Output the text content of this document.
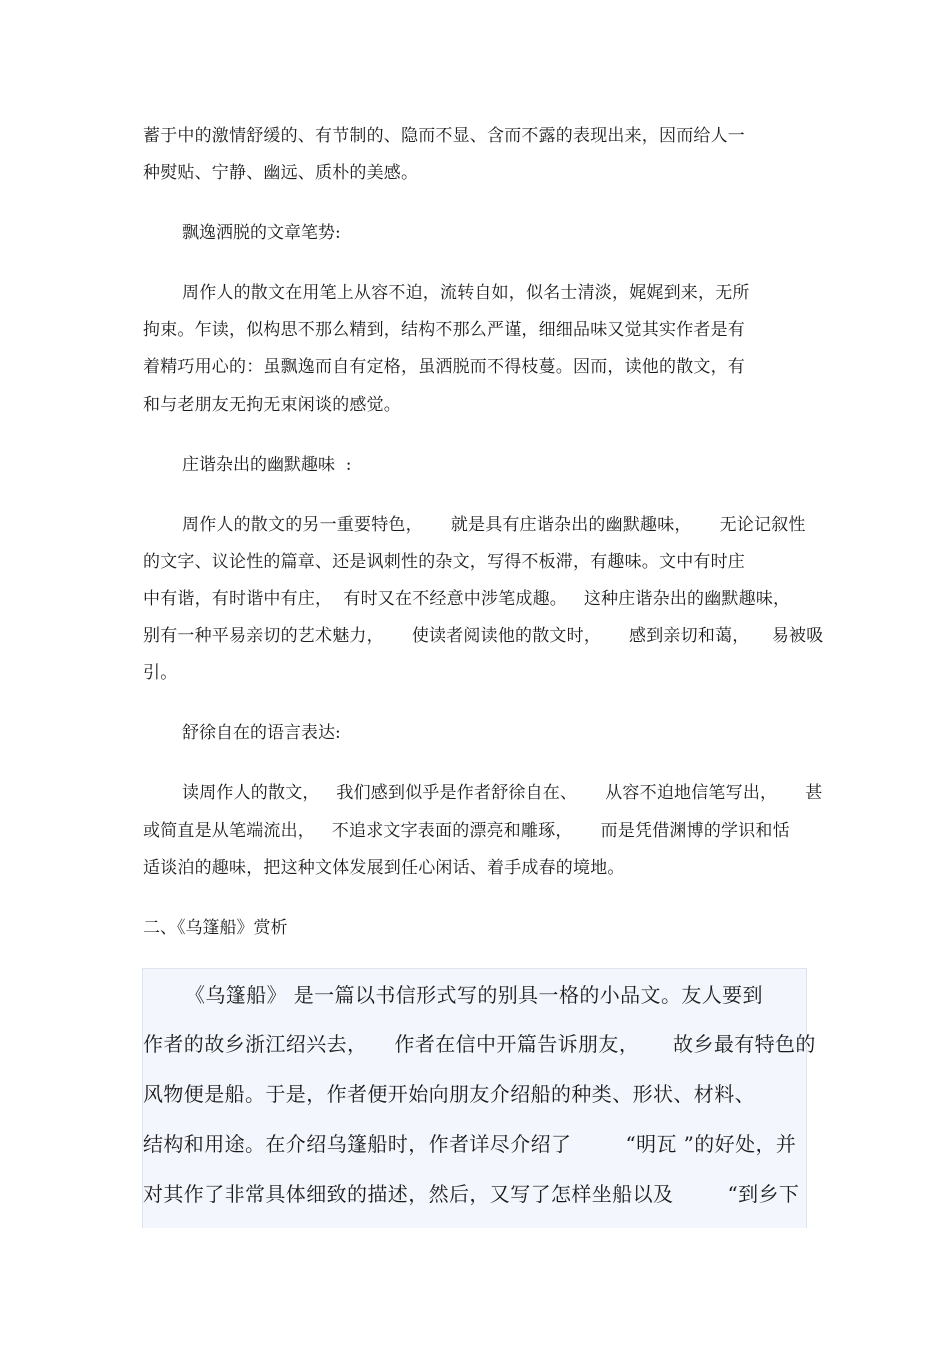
蓄于中的激情舒缓的、有节制的、隐而不显、含而不露的表现出来，因而给人一
种熨贴、宁静、幽远、质朴的美感。
飘逸洒脱的文章笔势:
周作人的散文在用笔上从容不迫，流转自如，似名士清淡，娓娓到来，无所
拘束。乍读，似构思不那么精到，结构不那么严谨，细细品味又觉其实作者是有
着精巧用心的：虽飘逸而自有定格，虽洒脱而不得枝蔓。因而，读他的散文，有
和与老朋友无拘无束闲谈的感觉。
庄谐杂出的幽默趣味  :
周作人的散文的另一重要特色，     就是具有庄谐杂出的幽默趣味，     无论记叙性
的文字、议论性的篇章、还是讽刺性的杂文，写得不板滞，有趣味。文中有时庄
中有谐，有时谐中有庄，  有时又在不经意中涉笔成趣。   这种庄谐杂出的幽默趣味，
别有一种平易亲切的艺术魅力，     使读者阅读他的散文时，     感到亲切和蔼，    易被吸
引。
舒徐自在的语言表达:
读周作人的散文，   我们感到似乎是作者舒徐自在、     从容不迫地信笔写出，     甚
或简直是从笔端流出，   不追求文字表面的漂亮和雕琢，     而是凭借渊博的学识和恬
适谈泊的趣味，把这种文体发展到任心闲话、着手成春的境地。
二、《乌篷船》赏析
《乌篷船》 是一篇以书信形式写的别具一格的小品文。友人要到
作者的故乡浙江绍兴去，    作者在信中开篇告诉朋友，     故乡最有特色的
风物便是船。于是，作者便开始向朋友介绍船的种类、形状、材料、
结构和用途。在介绍乌篷船时，作者详尽介绍了        “明瓦 ”的好处，并
对其作了非常具体细致的描述，然后，又写了怎样坐船以及        “到乡下
